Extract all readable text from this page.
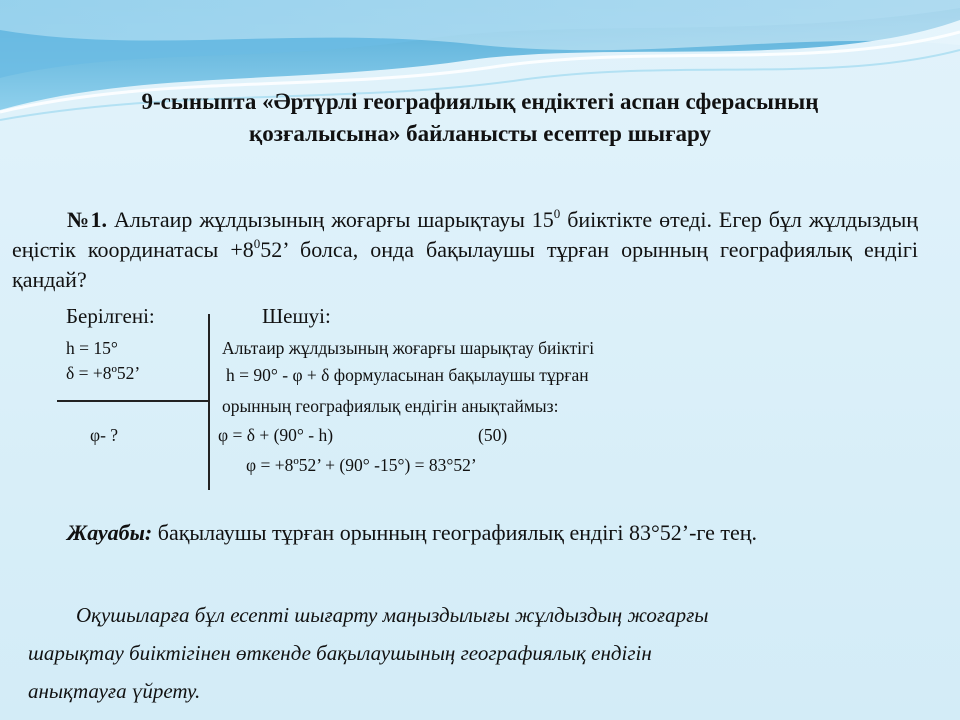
9-сыныпта «Әртүрлі географиялық ендіктегі аспан сферасының
қозғалысына» байланысты есептер шығару
№1. Альтаир жұлдызының жоғарғы шарықтауы $15^0$ биіктікте өтеді. Егер бұл жұлдыздың еңістік координатасы $+8^052$’ болса, онда бақылаушы тұрған орынның географиялық ендігі қандай?
Берілгені:	Шешуі:
h = 15°
δ = +8º52’
φ- ?
Альтаир жұлдызының жоғарғы шарықтау биіктігі
h = 90° - φ + δ формуласынан бақылаушы тұрған
орынның географиялық ендігін анықтаймыз:
φ = δ + (90° - h)	(50)
φ = +8º52’ + (90° -15°) = 83°52’
Жауабы: бақылаушы тұрған орынның географиялық ендігі 83°52’-ге тең.
Оқушыларға бұл есепті шығарту маңыздылығы жұлдыздың жоғарғы
шарықтау биіктігінен өткенде бақылаушының географиялық ендігін
анықтауға үйрету.
